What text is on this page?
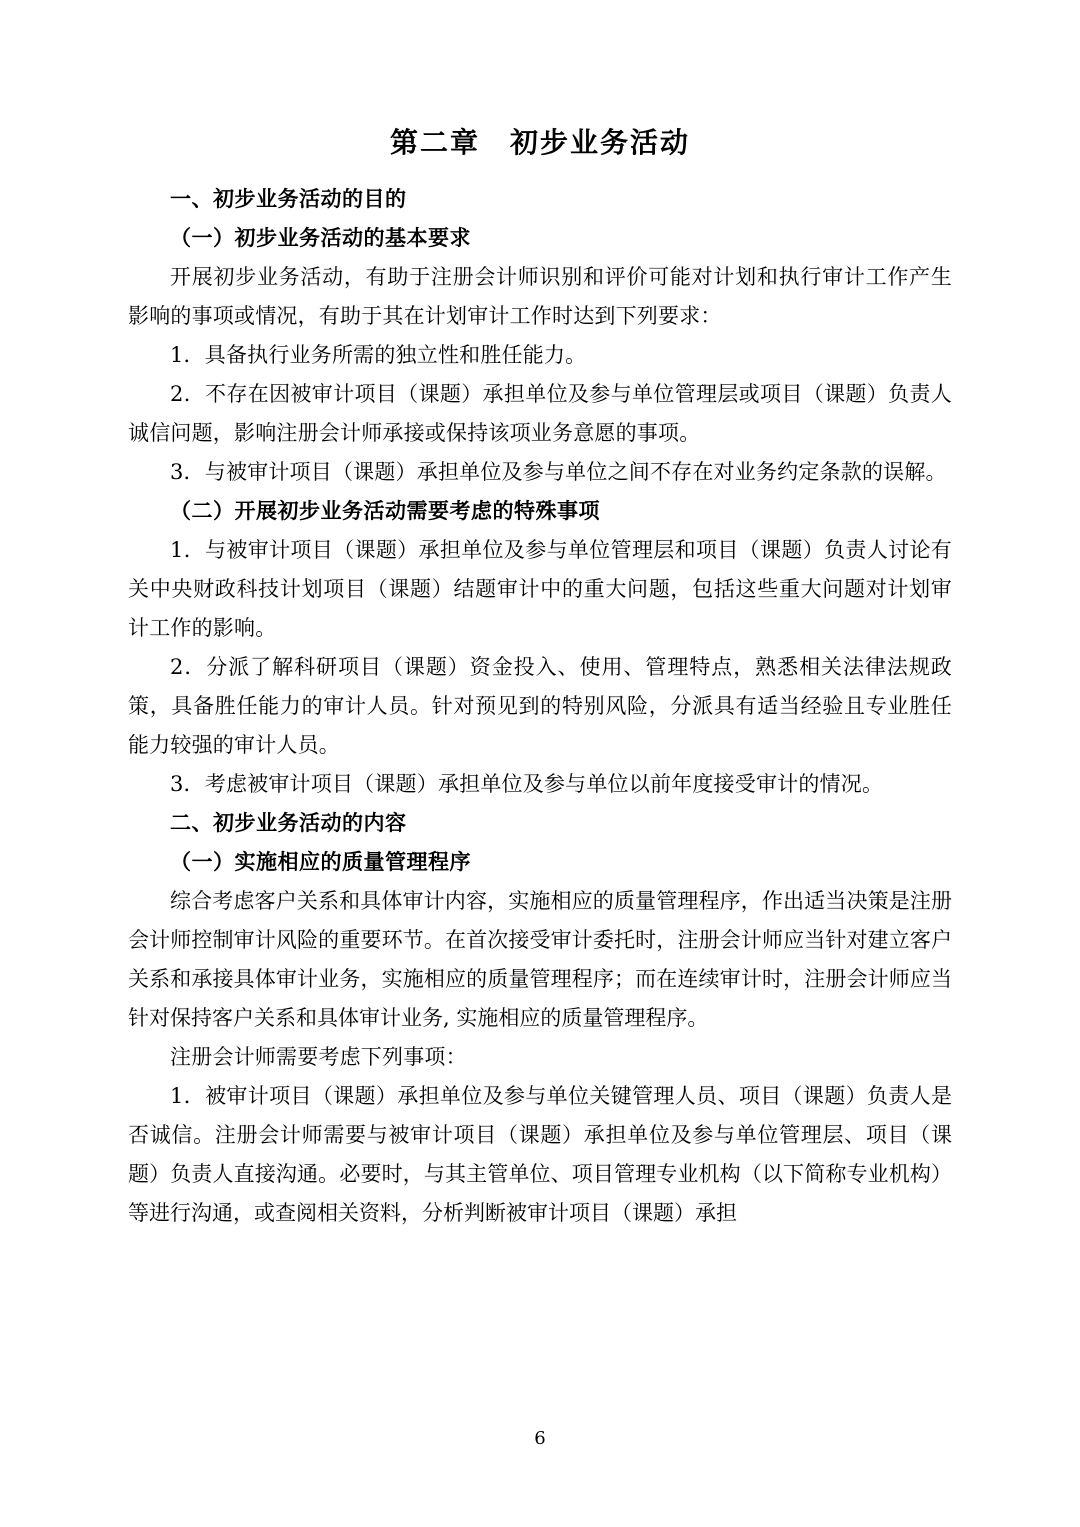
第二章　初步业务活动

一、初步业务活动的目的

（一）初步业务活动的基本要求

开展初步业务活动，有助于注册会计师识别和评价可能对计划和执行审计工作产生影响的事项或情况，有助于其在计划审计工作时达到下列要求：

1．具备执行业务所需的独立性和胜任能力。

2．不存在因被审计项目（课题）承担单位及参与单位管理层或项目（课题）负责人诚信问题，影响注册会计师承接或保持该项业务意愿的事项。

3．与被审计项目（课题）承担单位及参与单位之间不存在对业务约定条款的误解。

（二）开展初步业务活动需要考虑的特殊事项

1．与被审计项目（课题）承担单位及参与单位管理层和项目（课题）负责人讨论有关中央财政科技计划项目（课题）结题审计中的重大问题，包括这些重大问题对计划审计工作的影响。

2．分派了解科研项目（课题）资金投入、使用、管理特点，熟悉相关法律法规政策，具备胜任能力的审计人员。针对预见到的特别风险，分派具有适当经验且专业胜任能力较强的审计人员。

3．考虑被审计项目（课题）承担单位及参与单位以前年度接受审计的情况。

二、初步业务活动的内容

（一）实施相应的质量管理程序

综合考虑客户关系和具体审计内容，实施相应的质量管理程序，作出适当决策是注册会计师控制审计风险的重要环节。在首次接受审计委托时，注册会计师应当针对建立客户关系和承接具体审计业务，实施相应的质量管理程序；而在连续审计时，注册会计师应当针对保持客户关系和具体审计业务, 实施相应的质量管理程序。

注册会计师需要考虑下列事项：

1．被审计项目（课题）承担单位及参与单位关键管理人员、项目（课题）负责人是否诚信。注册会计师需要与被审计项目（课题）承担单位及参与单位管理层、项目（课题）负责人直接沟通。必要时，与其主管单位、项目管理专业机构（以下简称专业机构）等进行沟通，或查阅相关资料，分析判断被审计项目（课题）承担

6
